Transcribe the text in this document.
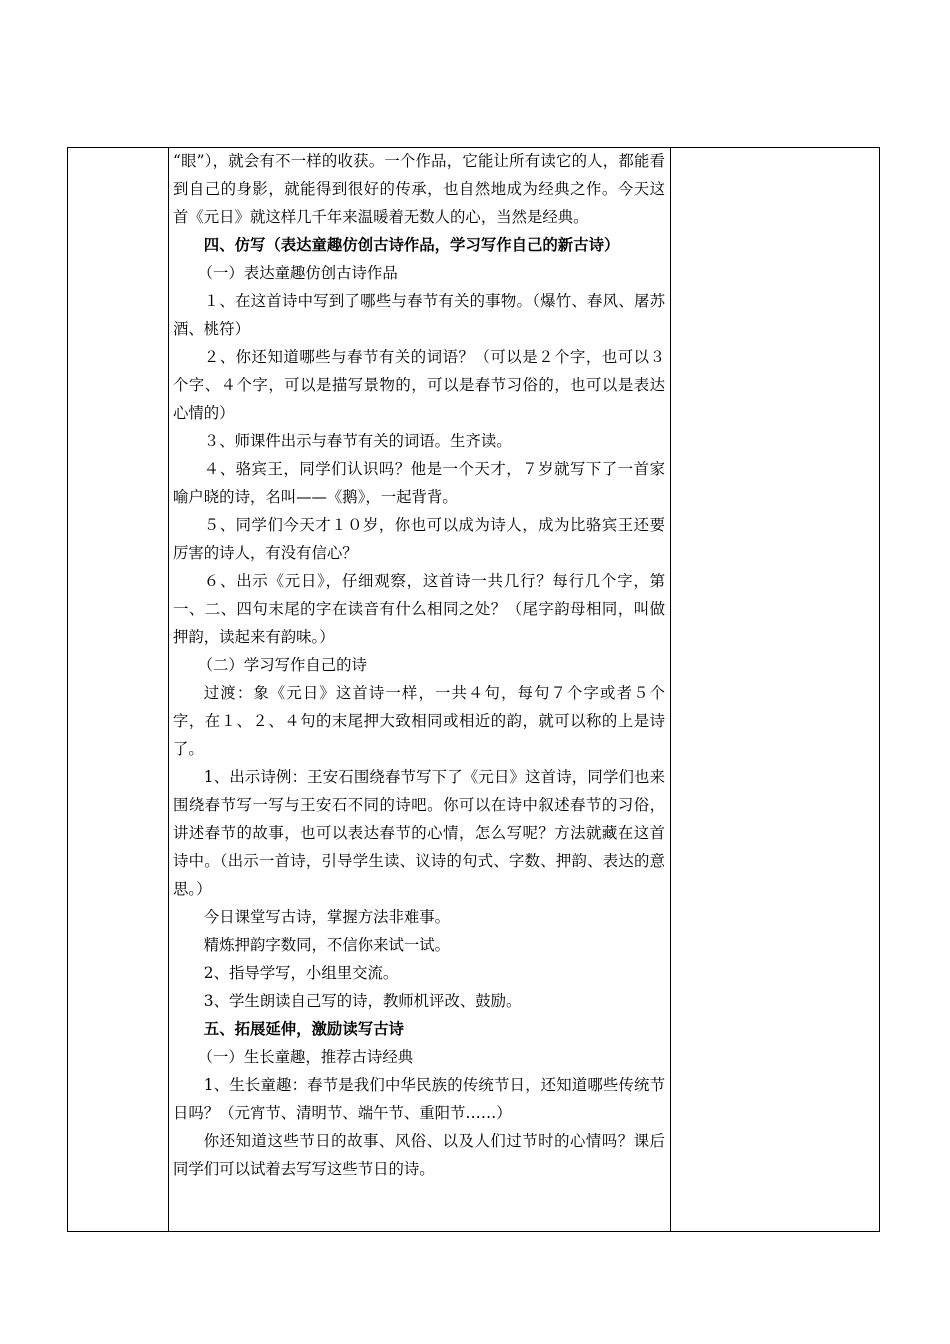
“眼”），就会有不一样的收获。一个作品，它能让所有读它的人，都能看到自己的身影，就能得到很好的传承，也自然地成为经典之作。今天这首《元日》就这样几千年来温暖着无数人的心，当然是经典。

四、仿写（表达童趣仿创古诗作品，学习写作自己的新古诗）

（一）表达童趣仿创古诗作品

１、在这首诗中写到了哪些与春节有关的事物。（爆竹、春风、屠苏酒、桃符）

２、你还知道哪些与春节有关的词语？（可以是２个字，也可以３个字、４个字，可以是描写景物的，可以是春节习俗的，也可以是表达心情的）

３、师课件出示与春节有关的词语。生齐读。

４、骆宾王，同学们认识吗？他是一个天才，７岁就写下了一首家喻户晓的诗，名叫——《鹅》，一起背背。

５、同学们今天才１０岁，你也可以成为诗人，成为比骆宾王还要厉害的诗人，有没有信心？

６、出示《元日》，仔细观察，这首诗一共几行？每行几个字，第一、二、四句末尾的字在读音有什么相同之处？（尾字韵母相同，叫做押韵，读起来有韵味。）

（二）学习写作自己的诗

过渡：象《元日》这首诗一样，一共４句，每句７个字或者５个字，在１、２、４句的末尾押大致相同或相近的韵，就可以称的上是诗了。

1、出示诗例：王安石围绕春节写下了《元日》这首诗，同学们也来围绕春节写一写与王安石不同的诗吧。你可以在诗中叙述春节的习俗，讲述春节的故事，也可以表达春节的心情，怎么写呢？方法就藏在这首诗中。（出示一首诗，引导学生读、议诗的句式、字数、押韵、表达的意思。）

今日课堂写古诗，掌握方法非难事。

精炼押韵字数同，不信你来试一试。

2、指导学写，小组里交流。

3、学生朗读自己写的诗，教师机评改、鼓励。

五、拓展延伸，激励读写古诗

（一）生长童趣，推荐古诗经典

1、生长童趣：春节是我们中华民族的传统节日，还知道哪些传统节日吗？（元宵节、清明节、端午节、重阳节……）

你还知道这些节日的故事、风俗、以及人们过节时的心情吗？课后同学们可以试着去写写这些节日的诗。
